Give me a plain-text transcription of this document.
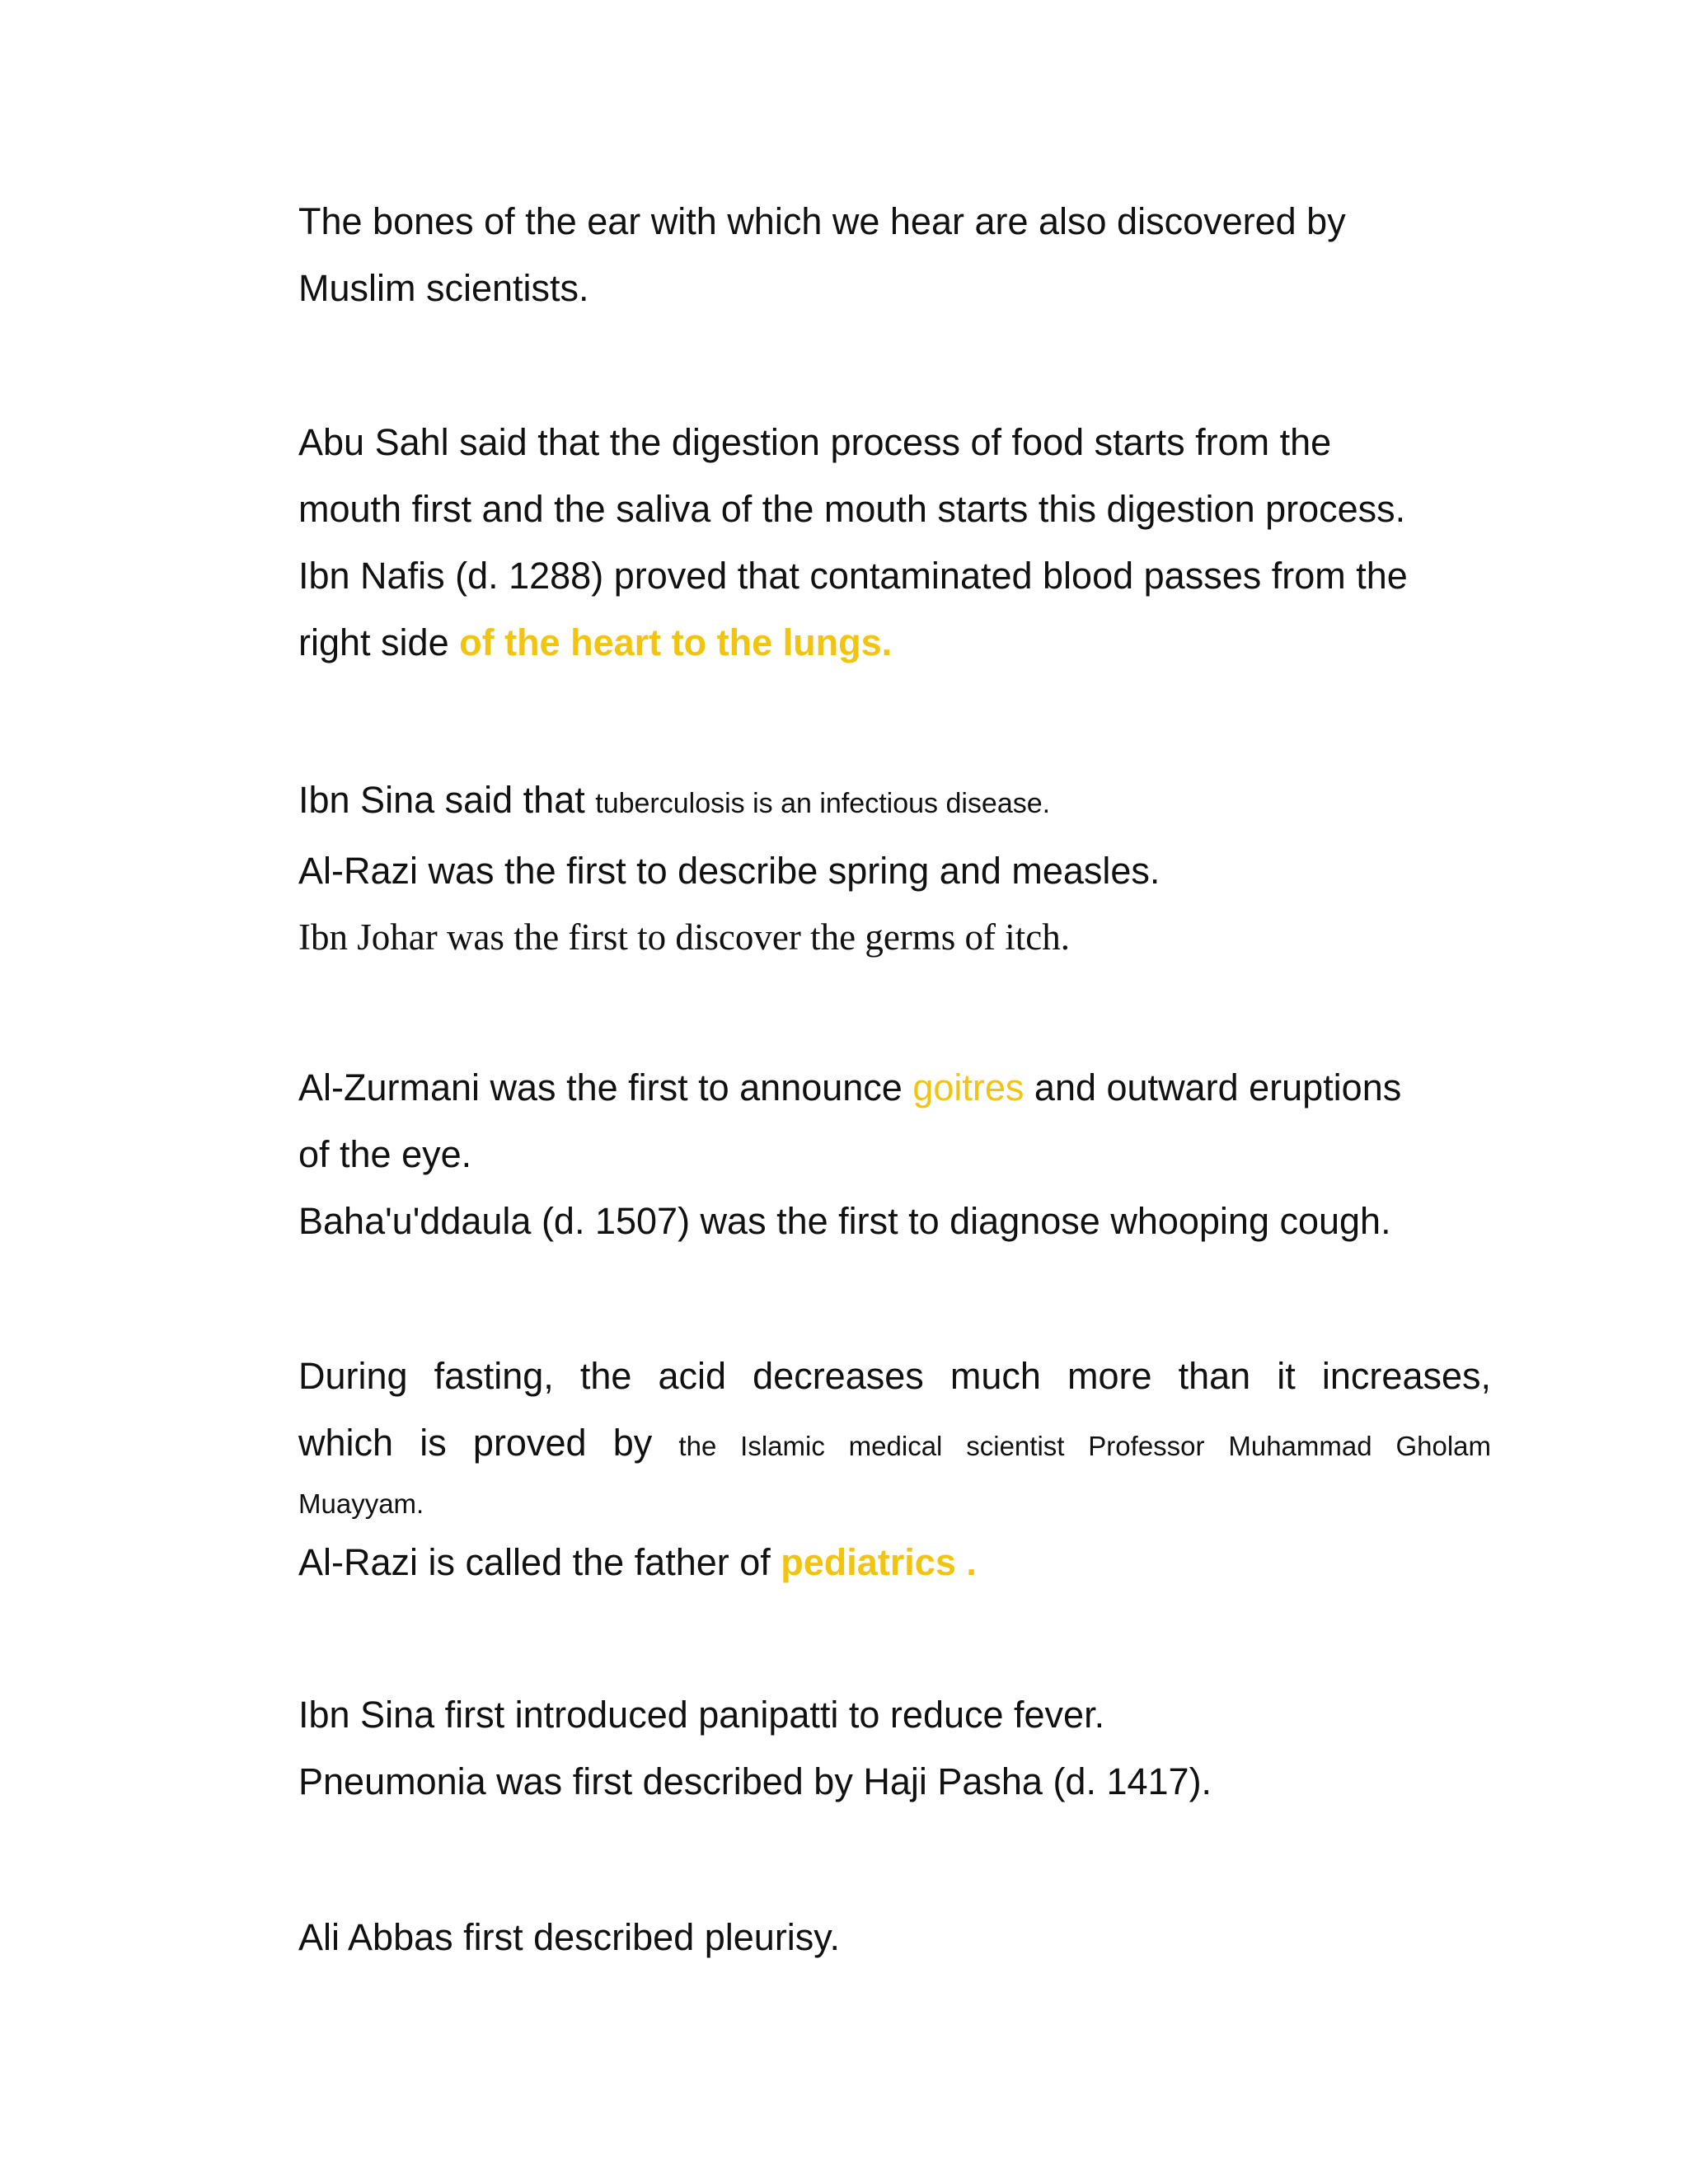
The bones of the ear with which we hear are also discovered by
Muslim scientists.

Abu Sahl said that the digestion process of food starts from the
mouth first and the saliva of the mouth starts this digestion process.
Ibn Nafis (d. 1288) proved that contaminated blood passes from the
right side of the heart to the lungs.

Ibn Sina said that tuberculosis is an infectious disease.
Al-Razi was the first to describe spring and measles.
Ibn Johar was the first to discover the germs of itch.

Al-Zurmani was the first to announce goitres and outward eruptions
of the eye.
Baha'u'ddaula (d. 1507) was the first to diagnose whooping cough.

During fasting, the acid decreases much more than it increases,
which is proved by the Islamic medical scientist Professor Muhammad Gholam
Muayyam.
Al-Razi is called the father of pediatrics .

Ibn Sina first introduced panipatti to reduce fever.
Pneumonia was first described by Haji Pasha (d. 1417).

Ali Abbas first described pleurisy.
